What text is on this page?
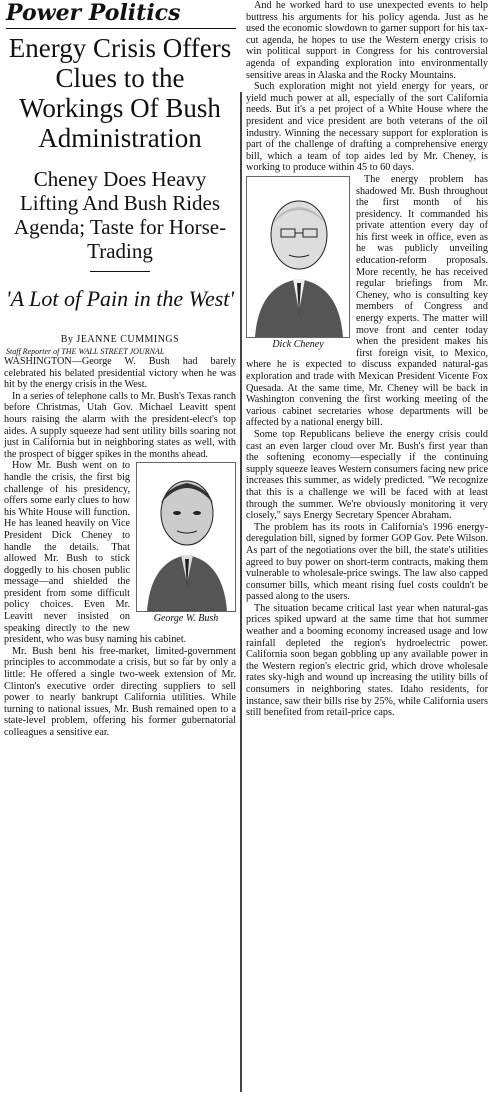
Power Politics
Energy Crisis Offers Clues to the Workings Of Bush Administration
Cheney Does Heavy Lifting And Bush Rides Agenda; Taste for Horse-Trading
'A Lot of Pain in the West'
By JEANNE CUMMINGS
Staff Reporter of THE WALL STREET JOURNAL

WASHINGTON—George W. Bush had barely celebrated his belated presidential victory when he was hit by the energy crisis in the West.

In a series of telephone calls to Mr. Bush's Texas ranch before Christmas, Utah Gov. Michael Leavitt spent hours raising the alarm with the president-elect's top aides. A supply squeeze had sent utility bills soaring not just in California but in neighboring states as well, with the prospect of bigger spikes in the months ahead.

George W. Bush

How Mr. Bush went on to handle the crisis, the first big challenge of his presidency, offers some early clues to how his White House will function. He has leaned heavily on Vice President Dick Cheney to handle the details. That allowed Mr. Bush to stick doggedly to his chosen public message—and shielded the president from some difficult policy choices. Even Mr. Leavitt never insisted on speaking directly to the new president, who was busy naming his cabinet.

Mr. Bush bent his free-market, limited-government principles to accommodate a crisis, but so far by only a little: He offered a single two-week extension of Mr. Clinton's executive order directing suppliers to sell power to nearly bankrupt California utilities. While turning to national issues, Mr. Bush remained open to a state-level problem, offering his former gubernatorial colleagues a sensitive ear.

And he worked hard to use unexpected events to help buttress his arguments for his policy agenda. Just as he used the economic slowdown to garner support for his tax-cut agenda, he hopes to use the Western energy crisis to win political support in Congress for his controversial agenda of expanding exploration into environmentally sensitive areas in Alaska and the Rocky Mountains.

Such exploration might not yield energy for years, or yield much power at all, especially of the sort California needs. But it's a pet project of a White House where the president and vice president are both veterans of the oil industry. Winning the necessary support for exploration is part of the challenge of drafting a comprehensive energy bill, which a team of top aides led by Mr. Cheney, is working to produce within 45 to 60 days.

Dick Cheney

The energy problem has shadowed Mr. Bush throughout the first month of his presidency. It commanded his private attention every day of his first week in office, even as he was publicly unveiling education-reform proposals. More recently, he has received regular briefings from Mr. Cheney, who is consulting key members of Congress and energy experts. The matter will move front and center today when the president makes his first foreign visit, to Mexico, where he is expected to discuss expanded natural-gas exploration and trade with Mexican President Vicente Fox Quesada. At the same time, Mr. Cheney will be back in Washington convening the first working meeting of the various cabinet secretaries whose departments will be affected by a national energy bill.

Some top Republicans believe the energy crisis could cast an even larger cloud over Mr. Bush's first year than the softening economy—especially if the continuing supply squeeze leaves Western consumers facing new price increases this summer, as widely predicted. "We recognize that this is a challenge we will be faced with at least through the summer. We're obviously monitoring it very closely," says Energy Secretary Spencer Abraham.

The problem has its roots in California's 1996 energy-deregulation bill, signed by former GOP Gov. Pete Wilson. As part of the negotiations over the bill, the state's utilities agreed to buy power on short-term contracts, making them vulnerable to wholesale-price swings. The law also capped consumer bills, which meant rising fuel costs couldn't be passed along to the users.

The situation became critical last year when natural-gas prices spiked upward at the same time that hot summer weather and a booming economy increased usage and low rainfall depleted the region's hydroelectric power. California soon began gobbling up any available power in the Western region's electric grid, which drove wholesale rates sky-high and wound up increasing the utility bills of consumers in neighboring states. Idaho residents, for instance, saw their bills rise by 25%, while California users still benefited from retail-price caps.
